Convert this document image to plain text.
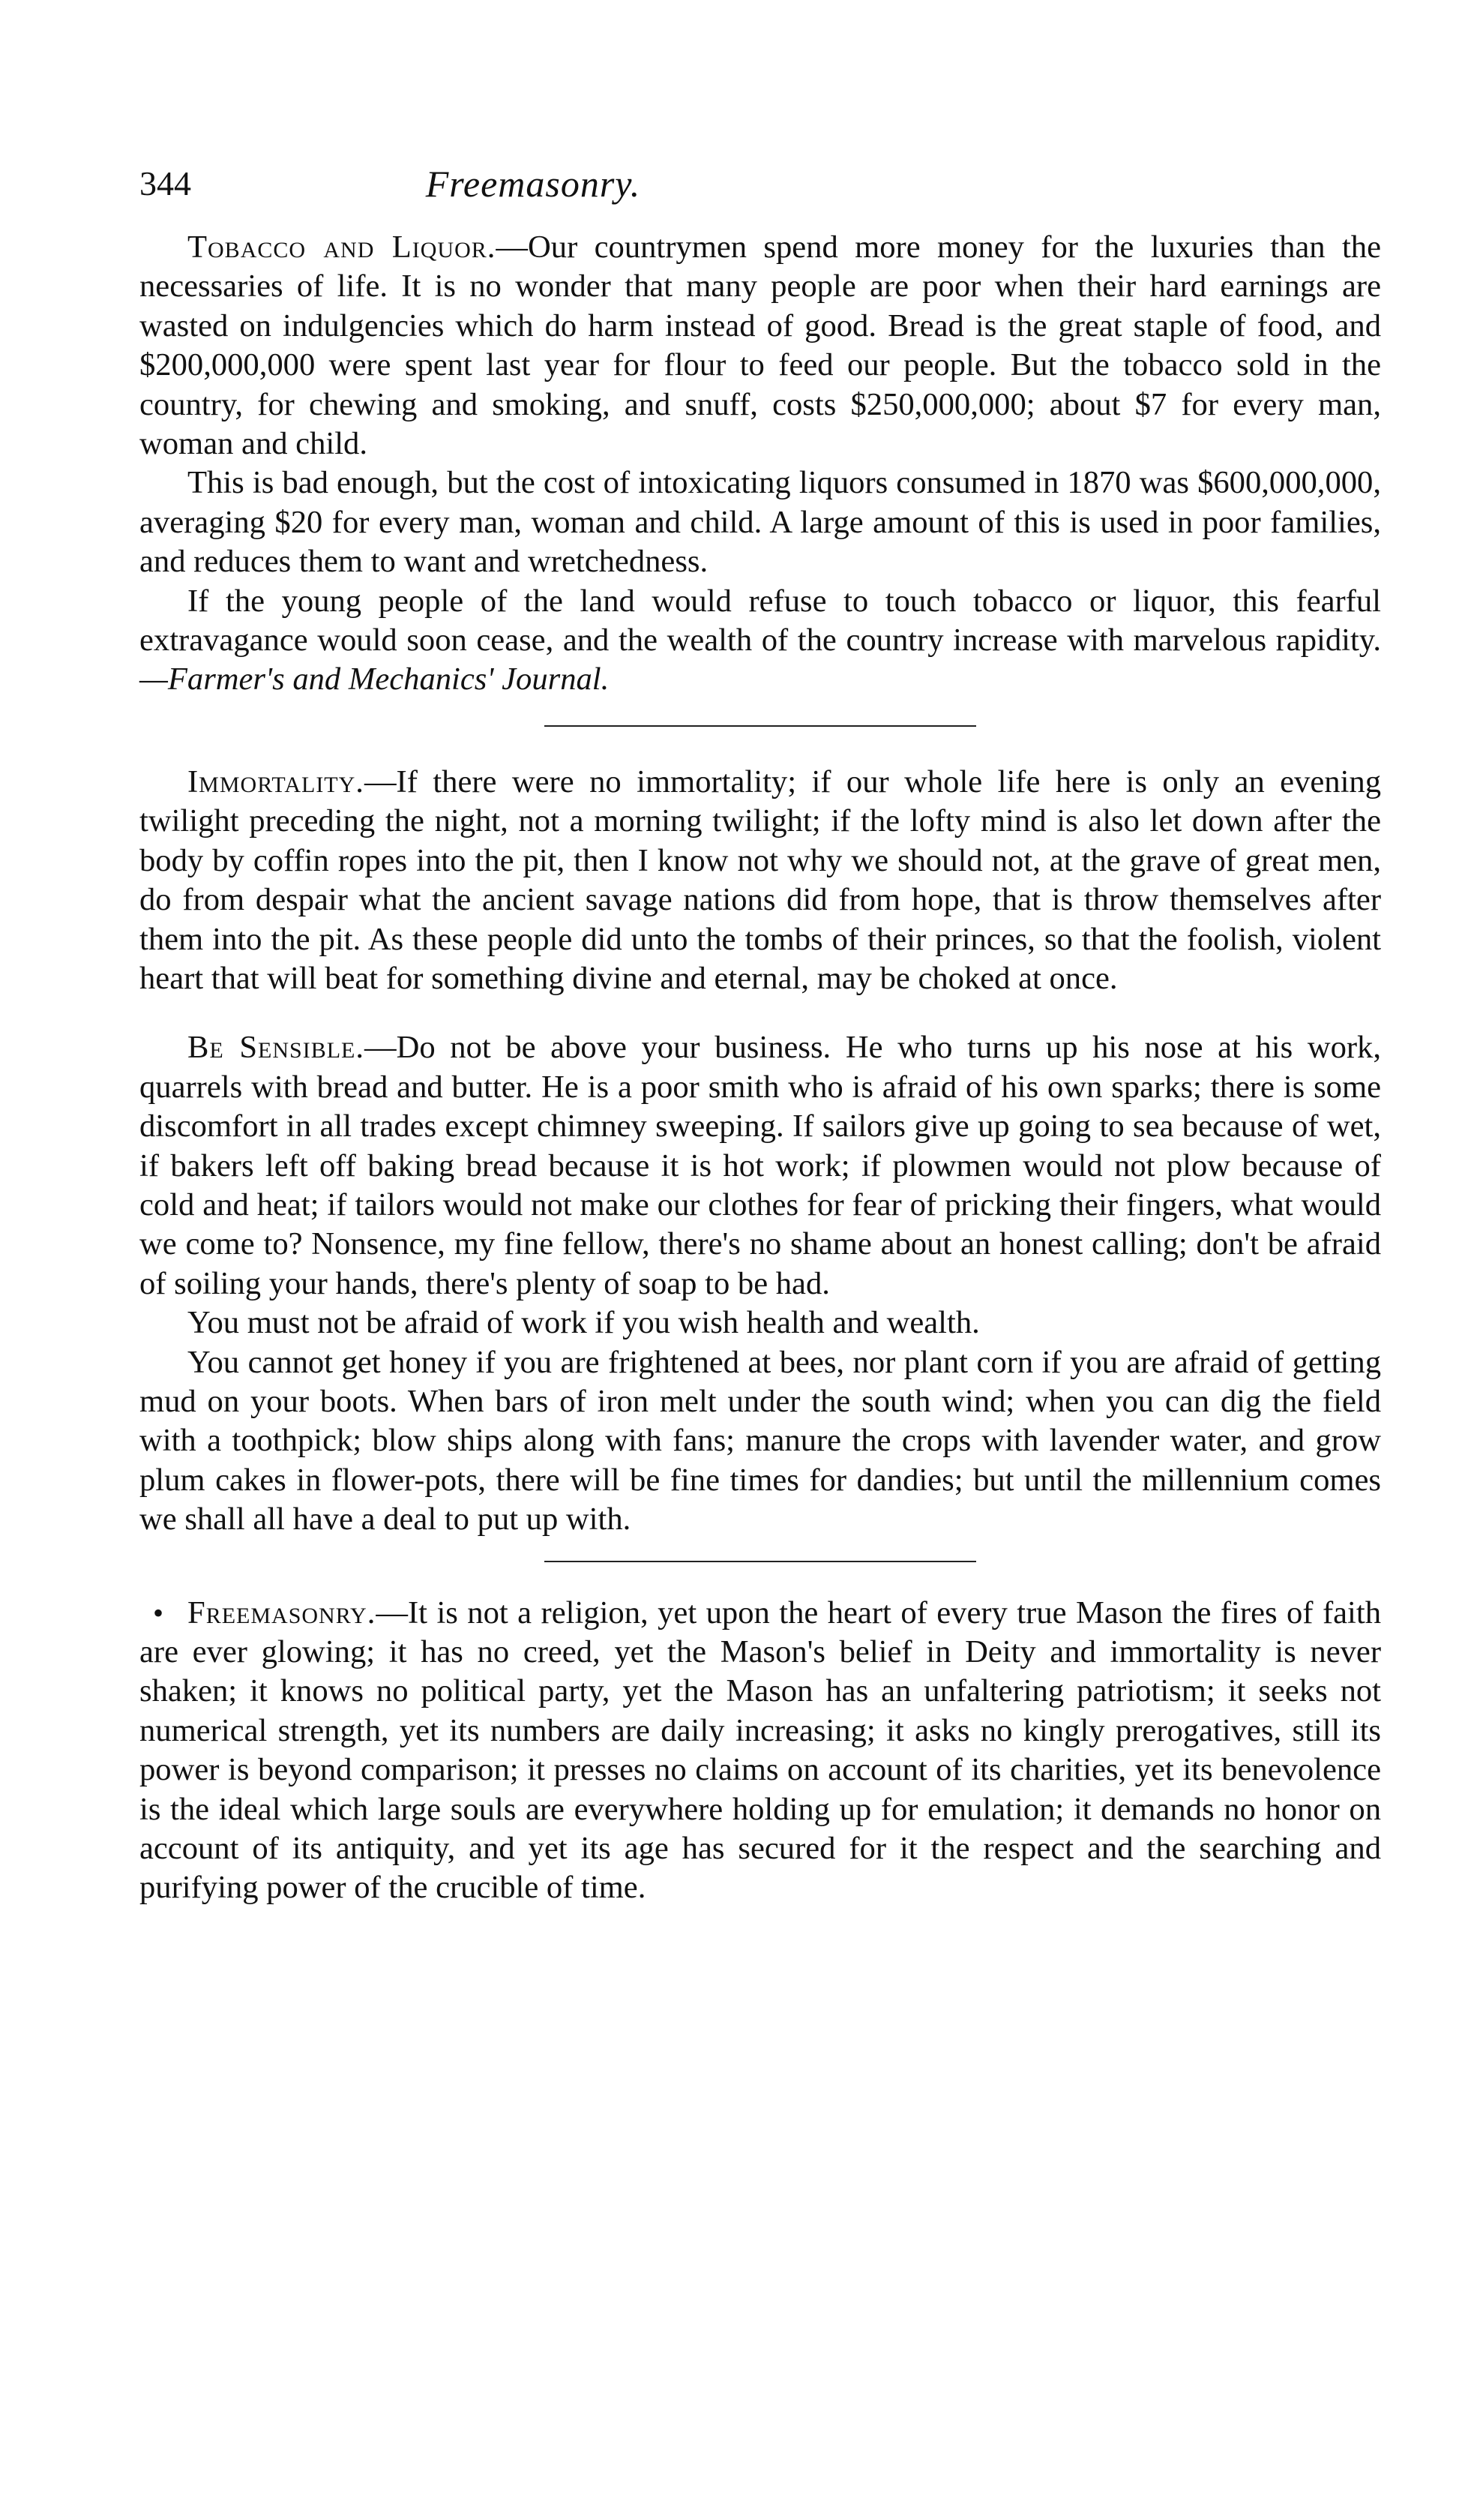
344	Freemasonry.

Tobacco and Liquor.—Our countrymen spend more money for the luxuries than the necessaries of life. It is no wonder that many people are poor when their hard earnings are wasted on indulgencies which do harm instead of good. Bread is the great staple of food, and $200,000,000 were spent last year for flour to feed our people. But the tobacco sold in the country, for chewing and smoking, and snuff, costs $250,000,000; about $7 for every man, woman and child.

This is bad enough, but the cost of intoxicating liquors consumed in 1870 was $600,000,000, averaging $20 for every man, woman and child. A large amount of this is used in poor families, and reduces them to want and wretchedness.

If the young people of the land would refuse to touch tobacco or liquor, this fearful extravagance would soon cease, and the wealth of the country increase with marvelous rapidity.—Farmer's and Mechanics' Journal.

Immortality.—If there were no immortality; if our whole life here is only an evening twilight preceding the night, not a morning twilight; if the lofty mind is also let down after the body by coffin ropes into the pit, then I know not why we should not, at the grave of great men, do from despair what the ancient savage nations did from hope, that is throw themselves after them into the pit. As these people did unto the tombs of their princes, so that the foolish, violent heart that will beat for something divine and eternal, may be choked at once.

Be Sensible.—Do not be above your business. He who turns up his nose at his work, quarrels with bread and butter. He is a poor smith who is afraid of his own sparks; there is some discomfort in all trades except chimney sweeping. If sailors give up going to sea because of wet, if bakers left off baking bread because it is hot work; if plowmen would not plow because of cold and heat; if tailors would not make our clothes for fear of pricking their fingers, what would we come to? Nonsence, my fine fellow, there's no shame about an honest calling; don't be afraid of soiling your hands, there's plenty of soap to be had.

You must not be afraid of work if you wish health and wealth.

You cannot get honey if you are frightened at bees, nor plant corn if you are afraid of getting mud on your boots. When bars of iron melt under the south wind; when you can dig the field with a toothpick; blow ships along with fans; manure the crops with lavender water, and grow plum cakes in flower-pots, there will be fine times for dandies; but until the millennium comes we shall all have a deal to put up with.

• Freemasonry.—It is not a religion, yet upon the heart of every true Mason the fires of faith are ever glowing; it has no creed, yet the Mason's belief in Deity and immortality is never shaken; it knows no political party, yet the Mason has an unfaltering patriotism; it seeks not numerical strength, yet its numbers are daily increasing; it asks no kingly prerogatives, still its power is beyond comparison; it presses no claims on account of its charities, yet its benevolence is the ideal which large souls are everywhere holding up for emulation; it demands no honor on account of its antiquity, and yet its age has secured for it the respect and the searching and purifying power of the crucible of time.
